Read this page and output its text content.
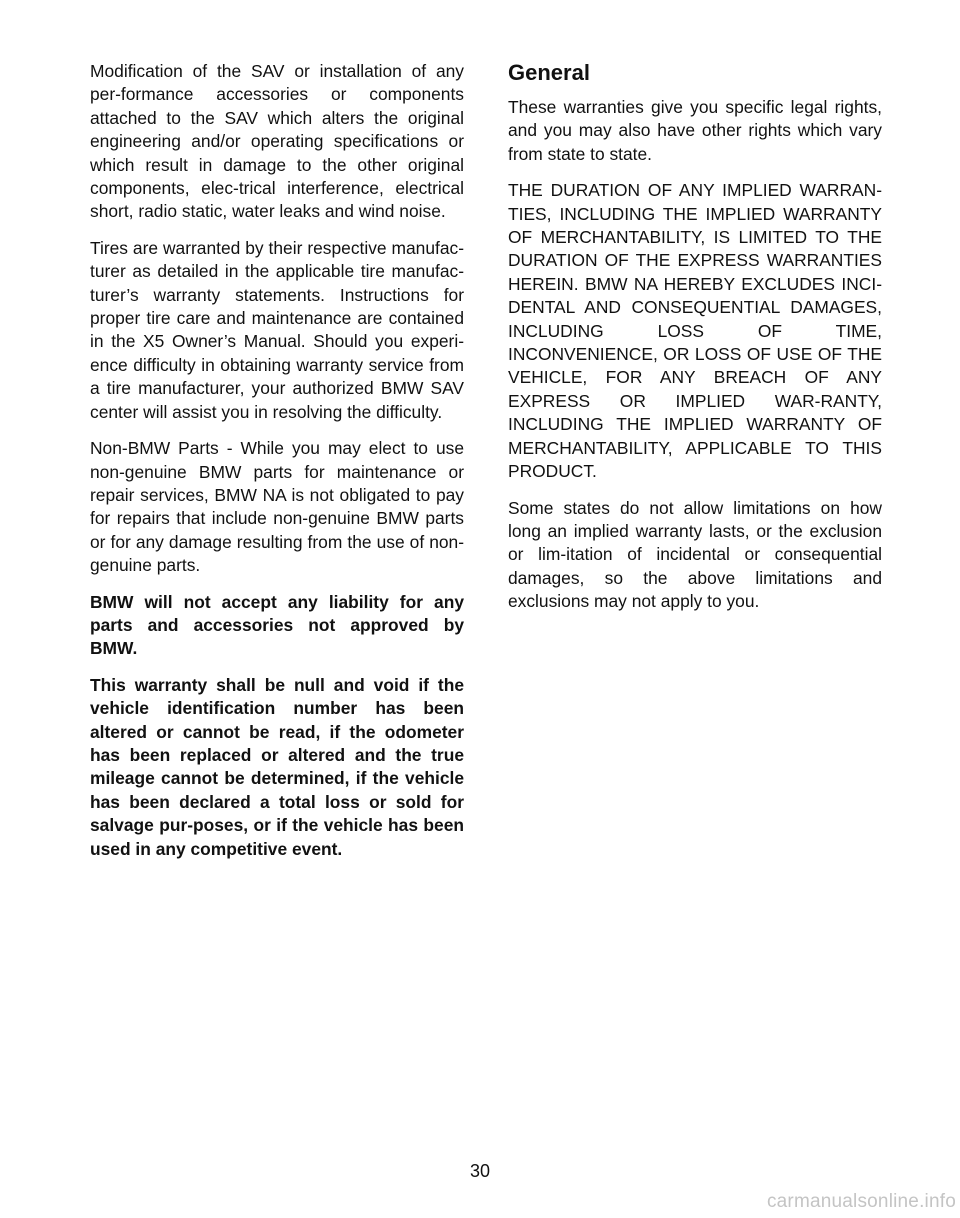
Modification of the SAV or installation of any per-formance accessories or components attached to the SAV which alters the original engineering and/or operating specifications or which result in damage to the other original components, elec-trical interference, electrical short, radio static, water leaks and wind noise.

Tires are warranted by their respective manufac-turer as detailed in the applicable tire manufac-turer’s warranty statements. Instructions for proper tire care and maintenance are contained in the X5 Owner’s Manual. Should you experi-ence difficulty in obtaining warranty service from a tire manufacturer, your authorized BMW SAV center will assist you in resolving the difficulty.

Non-BMW Parts - While you may elect to use non-genuine BMW parts for maintenance or repair services, BMW NA is not obligated to pay for repairs that include non-genuine BMW parts or for any damage resulting from the use of non-genuine parts.

BMW will not accept any liability for any parts and accessories not approved by BMW.

This warranty shall be null and void if the vehicle identification number has been altered or cannot be read, if the odometer has been replaced or altered and the true mileage cannot be determined, if the vehicle has been declared a total loss or sold for salvage pur-poses, or if the vehicle has been used in any competitive event.

General

These warranties give you specific legal rights, and you may also have other rights which vary from state to state.

THE DURATION OF ANY IMPLIED WARRAN-TIES, INCLUDING THE IMPLIED WARRANTY OF MERCHANTABILITY, IS LIMITED TO THE DURATION OF THE EXPRESS WARRANTIES HEREIN. BMW NA HEREBY EXCLUDES INCI-DENTAL AND CONSEQUENTIAL DAMAGES, INCLUDING LOSS OF TIME, INCONVENIENCE, OR LOSS OF USE OF THE VEHICLE, FOR ANY BREACH OF ANY EXPRESS OR IMPLIED WAR-RANTY, INCLUDING THE IMPLIED WARRANTY OF MERCHANTABILITY, APPLICABLE TO THIS PRODUCT.

Some states do not allow limitations on how long an implied warranty lasts, or the exclusion or lim-itation of incidental or consequential damages, so the above limitations and exclusions may not apply to you.

30
carmanualsonline.info
